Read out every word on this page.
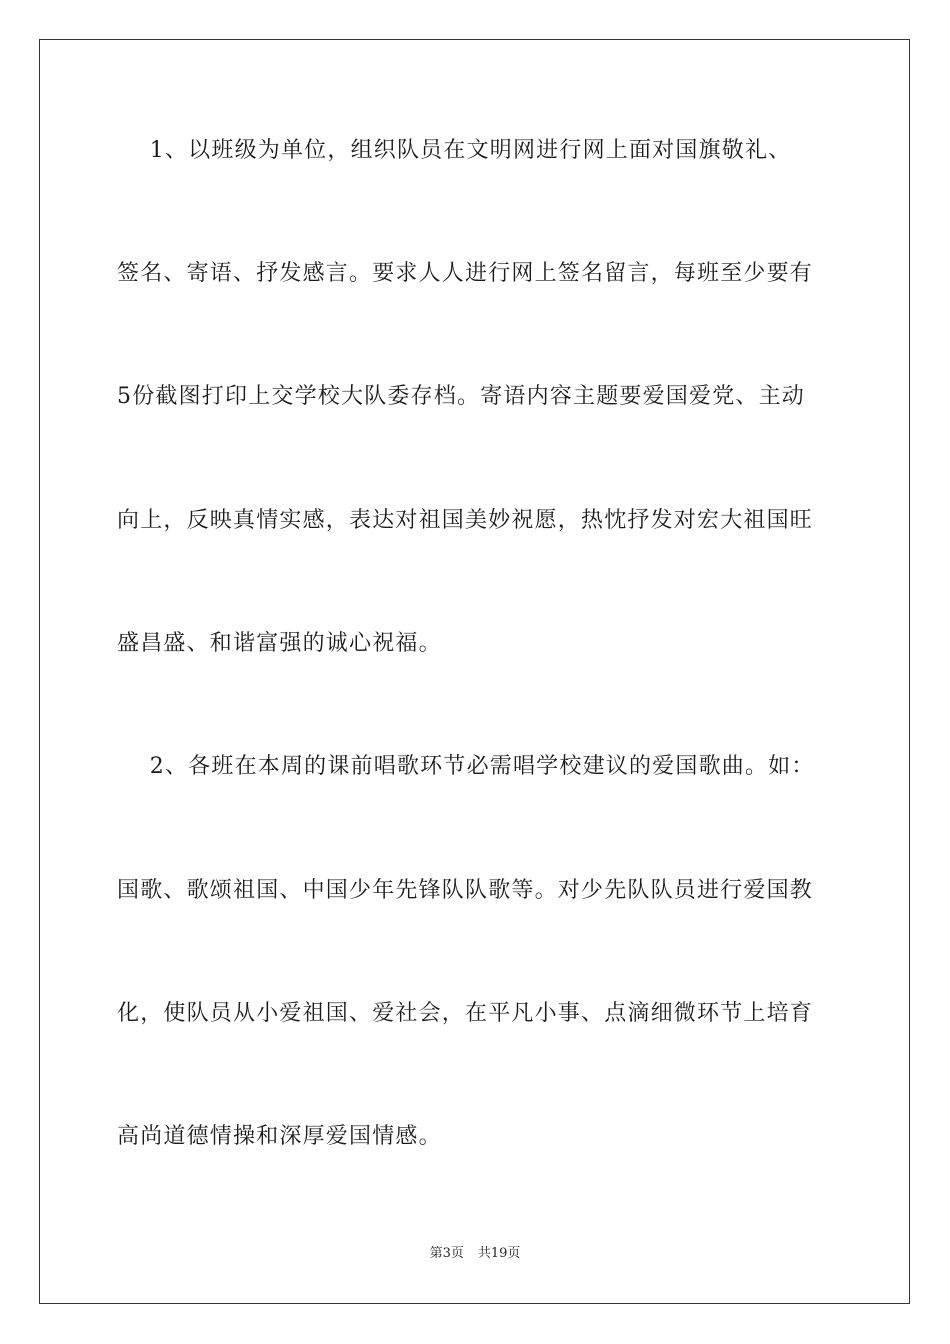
1、以班级为单位，组织队员在文明网进行网上面对国旗敬礼、
签名、寄语、抒发感言。要求人人进行网上签名留言，每班至少要有
5份截图打印上交学校大队委存档。寄语内容主题要爱国爱党、主动
向上，反映真情实感，表达对祖国美妙祝愿，热忱抒发对宏大祖国旺
盛昌盛、和谐富强的诚心祝福。
2、各班在本周的课前唱歌环节必需唱学校建议的爱国歌曲。如：
国歌、歌颂祖国、中国少年先锋队队歌等。对少先队队员进行爱国教
化，使队员从小爱祖国、爱社会，在平凡小事、点滴细微环节上培育
高尚道德情操和深厚爱国情感。
第3页 共19页
